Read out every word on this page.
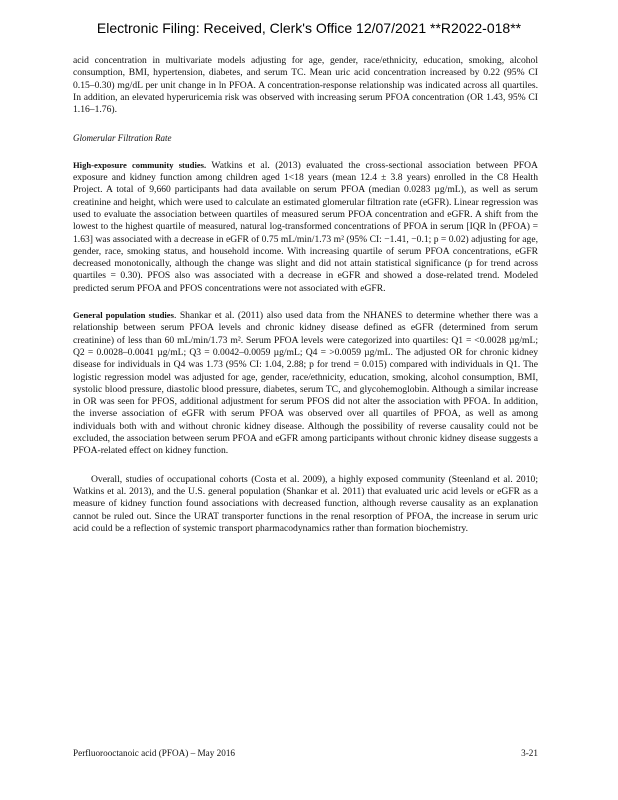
Electronic Filing: Received, Clerk's Office 12/07/2021 **R2022-018**

acid concentration in multivariate models adjusting for age, gender, race/ethnicity, education, smoking, alcohol consumption, BMI, hypertension, diabetes, and serum TC. Mean uric acid concentration increased by 0.22 (95% CI 0.15–0.30) mg/dL per unit change in ln PFOA. A concentration-response relationship was indicated across all quartiles. In addition, an elevated hyperuricemia risk was observed with increasing serum PFOA concentration (OR 1.43, 95% CI 1.16–1.76).

Glomerular Filtration Rate

High-exposure community studies. Watkins et al. (2013) evaluated the cross-sectional association between PFOA exposure and kidney function among children aged 1<18 years (mean 12.4 ± 3.8 years) enrolled in the C8 Health Project. A total of 9,660 participants had data available on serum PFOA (median 0.0283 µg/mL), as well as serum creatinine and height, which were used to calculate an estimated glomerular filtration rate (eGFR). Linear regression was used to evaluate the association between quartiles of measured serum PFOA concentration and eGFR. A shift from the lowest to the highest quartile of measured, natural log-transformed concentrations of PFOA in serum [IQR ln (PFOA) = 1.63] was associated with a decrease in eGFR of 0.75 mL/min/1.73 m² (95% CI: −1.41, −0.1; p = 0.02) adjusting for age, gender, race, smoking status, and household income. With increasing quartile of serum PFOA concentrations, eGFR decreased monotonically, although the change was slight and did not attain statistical significance (p for trend across quartiles = 0.30). PFOS also was associated with a decrease in eGFR and showed a dose-related trend. Modeled predicted serum PFOA and PFOS concentrations were not associated with eGFR.

General population studies. Shankar et al. (2011) also used data from the NHANES to determine whether there was a relationship between serum PFOA levels and chronic kidney disease defined as eGFR (determined from serum creatinine) of less than 60 mL/min/1.73 m². Serum PFOA levels were categorized into quartiles: Q1 = <0.0028 µg/mL; Q2 = 0.0028–0.0041 µg/mL; Q3 = 0.0042–0.0059 µg/mL; Q4 = >0.0059 µg/mL. The adjusted OR for chronic kidney disease for individuals in Q4 was 1.73 (95% CI: 1.04, 2.88; p for trend = 0.015) compared with individuals in Q1. The logistic regression model was adjusted for age, gender, race/ethnicity, education, smoking, alcohol consumption, BMI, systolic blood pressure, diastolic blood pressure, diabetes, serum TC, and glycohemoglobin. Although a similar increase in OR was seen for PFOS, additional adjustment for serum PFOS did not alter the association with PFOA. In addition, the inverse association of eGFR with serum PFOA was observed over all quartiles of PFOA, as well as among individuals both with and without chronic kidney disease. Although the possibility of reverse causality could not be excluded, the association between serum PFOA and eGFR among participants without chronic kidney disease suggests a PFOA-related effect on kidney function.

Overall, studies of occupational cohorts (Costa et al. 2009), a highly exposed community (Steenland et al. 2010; Watkins et al. 2013), and the U.S. general population (Shankar et al. 2011) that evaluated uric acid levels or eGFR as a measure of kidney function found associations with decreased function, although reverse causality as an explanation cannot be ruled out. Since the URAT transporter functions in the renal resorption of PFOA, the increase in serum uric acid could be a reflection of systemic transport pharmacodynamics rather than formation biochemistry.

Perfluorooctanoic acid (PFOA) – May 2016	3-21
